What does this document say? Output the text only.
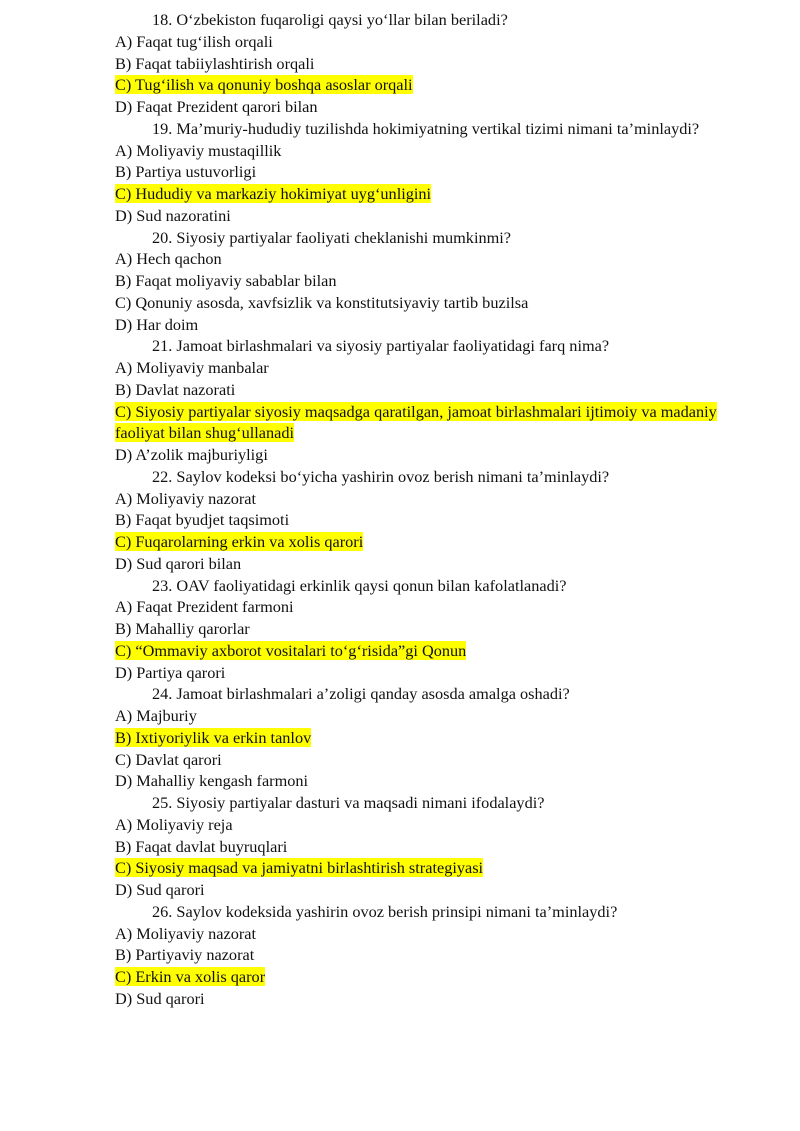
18. O‘zbekiston fuqaroligi qaysi yo‘llar bilan beriladi?

A) Faqat tug‘ilish orqali

B) Faqat tabiiylashtirish orqali

C) Tug‘ilish va qonuniy boshqa asoslar orqali

D) Faqat Prezident qarori bilan

19. Ma’muriy-hududiy tuzilishda hokimiyatning vertikal tizimi nimani ta’minlaydi?

A) Moliyaviy mustaqillik

B) Partiya ustuvorligi

C) Hududiy va markaziy hokimiyat uyg‘unligini

D) Sud nazoratini

20. Siyosiy partiyalar faoliyati cheklanishi mumkinmi?

A) Hech qachon

B) Faqat moliyaviy sabablar bilan

C) Qonuniy asosda, xavfsizlik va konstitutsiyaviy tartib buzilsa

D) Har doim

21. Jamoat birlashmalari va siyosiy partiyalar faoliyatidagi farq nima?

A) Moliyaviy manbalar

B) Davlat nazorati

C) Siyosiy partiyalar siyosiy maqsadga qaratilgan, jamoat birlashmalari ijtimoiy va madaniy faoliyat bilan shug‘ullanadi

D) A’zolik majburiyligi

22. Saylov kodeksi bo‘yicha yashirin ovoz berish nimani ta’minlaydi?

A) Moliyaviy nazorat

B) Faqat byudjet taqsimoti

C) Fuqarolarning erkin va xolis qarori

D) Sud qarori bilan

23. OAV faoliyatidagi erkinlik qaysi qonun bilan kafolatlanadi?

A) Faqat Prezident farmoni

B) Mahalliy qarorlar

C) “Ommaviy axborot vositalari to‘g‘risida”gi Qonun

D) Partiya qarori

24. Jamoat birlashmalari a’zoligi qanday asosda amalga oshadi?

A) Majburiy

B) Ixtiyoriylik va erkin tanlov

C) Davlat qarori

D) Mahalliy kengash farmoni

25. Siyosiy partiyalar dasturi va maqsadi nimani ifodalaydi?

A) Moliyaviy reja

B) Faqat davlat buyruqlari

C) Siyosiy maqsad va jamiyatni birlashtirish strategiyasi

D) Sud qarori

26. Saylov kodeksida yashirin ovoz berish prinsipi nimani ta’minlaydi?

A) Moliyaviy nazorat

B) Partiyaviy nazorat

C) Erkin va xolis qaror

D) Sud qarori
